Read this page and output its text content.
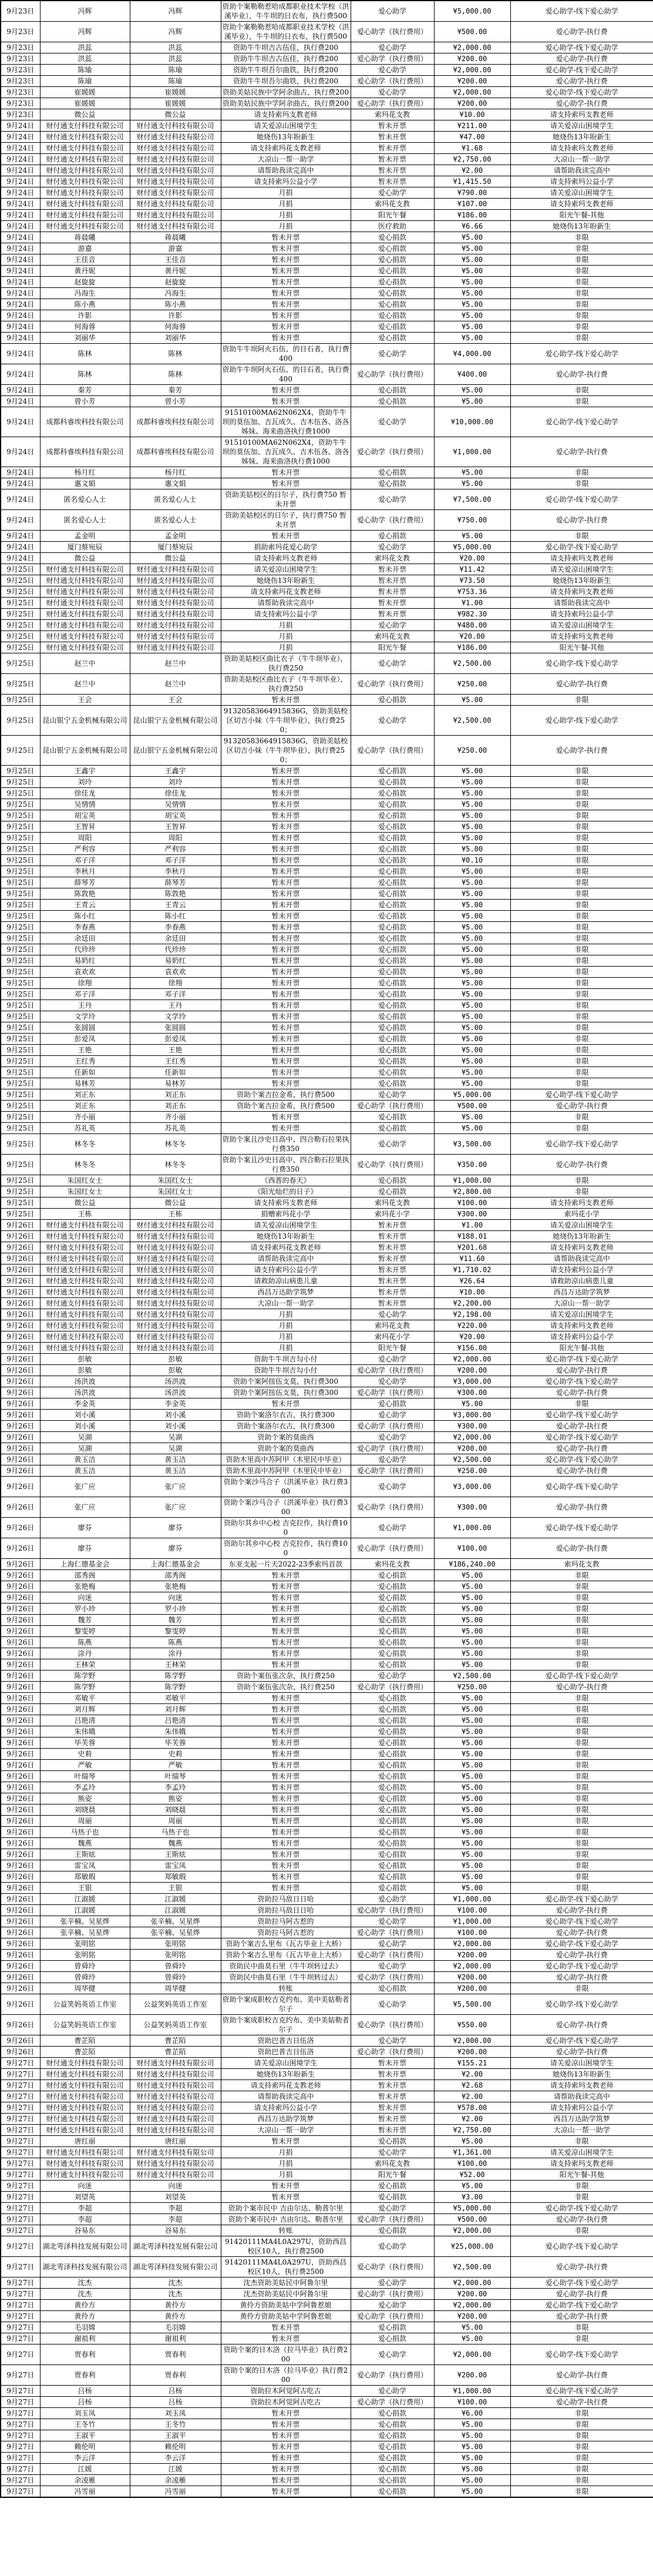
9月23日	冯辉	冯辉	资助个案勒勒惹哈成都职业技术学校（洪溪毕业），牛牛坝的日衣布，执行费500	爱心助学	¥5,000.00	爱心助学-线下爱心助学
9月23日	冯辉	冯辉	资助个案勒勒惹哈成都职业技术学校（洪溪毕业），牛牛坝的日衣布，执行费500	爱心助学（执行费用）	¥500.00	爱心助学-执行费
9月23日	洪蕊	洪蕊	资助牛牛坝吉古伍佳，执行费200	爱心助学	¥2,000.00	爱心助学-线下爱心助学
9月23日	洪蕊	洪蕊	资助牛牛坝吉古伍佳，执行费200	爱心助学（执行费用）	¥200.00	爱心助学-执行费
9月23日	陈瑜	陈瑜	资助牛牛坝吾尔曲铁，执行费200	爱心助学	¥2,000.00	爱心助学-线下爱心助学
9月23日	陈瑜	陈瑜	资助牛牛坝吾尔曲铁，执行费200	爱心助学（执行费用）	¥200.00	爱心助学-执行费
9月23日	崔媛媛	崔媛媛	资助美姑民族中学阿余曲古，执行费200	爱心助学	¥2,000.00	爱心助学-线下爱心助学
9月23日	崔媛媛	崔媛媛	资助美姑民族中学阿余曲古，执行费200	爱心助学（执行费用）	¥200.00	爱心助学-执行费
9月23日	微公益	微公益	请支持索玛支教老师	索玛花支教	¥10.00	请支持索玛支教老师
9月24日	财付通支付科技有限公司	财付通支付科技有限公司	请关爱凉山困境学生	暂未开票	¥211.00	请关爱凉山困境学生
9月24日	财付通支付科技有限公司	财付通支付科技有限公司	她烧伤13年盼新生	暂未开票	¥47.00	她烧伤13年盼新生
9月24日	财付通支付科技有限公司	财付通支付科技有限公司	请支持索玛花支教老师	暂未开票	¥1.68	请支持索玛支教老师
9月24日	财付通支付科技有限公司	财付通支付科技有限公司	大凉山一帮一助学	暂未开票	¥2,750.00	大凉山一帮一助学
9月24日	财付通支付科技有限公司	财付通支付科技有限公司	请帮助我读完高中	暂未开票	¥2.00	请帮助我读完高中
9月24日	财付通支付科技有限公司	财付通支付科技有限公司	请支持索玛公益小学	暂未开票	¥1,415.50	请支持索玛公益小学
9月24日	财付通支付科技有限公司	财付通支付科技有限公司	月捐	爱心助学	¥790.00	请关爱凉山困境学生
9月24日	财付通支付科技有限公司	财付通支付科技有限公司	月捐	索玛花支教	¥107.00	请支持索玛支教老师
9月24日	财付通支付科技有限公司	财付通支付科技有限公司	月捐	阳光午餐	¥186.00	阳光午餐-其他
9月24日	财付通支付科技有限公司	财付通支付科技有限公司	月捐	医疗救助	¥6.66	她烧伤13年盼新生
9月24日	蒋晨曦	蒋晨曦	暂未开票	爱心捐款	¥5.00	非限
9月24日	游嘉	游嘉	暂未开票	爱心捐款	¥5.00	非限
9月24日	王佳音	王佳音	暂未开票	爱心捐款	¥5.00	非限
9月24日	黄丹妮	黄丹妮	暂未开票	爱心捐款	¥5.00	非限
9月24日	赵旋旋	赵旋旋	暂未开票	爱心捐款	¥5.00	非限
9月24日	冯海生	冯海生	暂未开票	爱心捐款	¥5.00	非限
9月24日	陈小燕	陈小燕	暂未开票	爱心捐款	¥5.00	非限
9月24日	许影	许影	暂未开票	爱心捐款	¥5.00	非限
9月24日	何海蓉	何海蓉	暂未开票	爱心捐款	¥5.00	非限
9月24日	刘丽华	刘丽华	暂未开票	爱心捐款	¥5.00	非限
9月24日	陈林	陈林	资助牛牛坝阿火石伍、的日石者，执行费400	爱心助学	¥4,000.00	爱心助学-线下爱心助学
9月24日	陈林	陈林	资助牛牛坝阿火石伍、的日石者，执行费400	爱心助学（执行费用）	¥400.00	爱心助学-执行费
9月24日	秦芳	秦芳	暂未开票	爱心捐款	¥5.00	非限
9月24日	曾小芳	曾小芳	暂未开票	爱心捐款	¥5.00	非限
9月24日	成都科睿埃科技有限公司	成都科睿埃科技有限公司	91510100MA62N062X4，资助牛牛坝的莫伍加、吉瓦成久、吉木伍各、洛各姊妹、海来曲洛执行费1000	爱心助学	¥10,000.00	爱心助学-线下爱心助学
9月24日	成都科睿埃科技有限公司	成都科睿埃科技有限公司	91510100MA62N062X4，资助牛牛坝的莫伍加、吉瓦成久、吉木伍各、洛各姊妹、海来曲洛执行费1000	爱心助学（执行费用）	¥1,000.00	爱心助学-执行费
9月24日	杨月红	杨月红	暂未开票	爱心捐款	¥5.00	非限
9月24日	惠文娟	惠文娟	暂未开票	爱心捐款	¥5.00	非限
9月24日	匿名爱心人士	匿名爱心人士	资助美姑校区的日尔子，执行费750 暂未开票	爱心助学	¥7,500.00	爱心助学-线下爱心助学
9月24日	匿名爱心人士	匿名爱心人士	资助美姑校区的日尔子，执行费750 暂未开票	爱心助学（执行费用）	¥750.00	爱心助学-执行费
9月24日	孟金明	孟金明	暂未开票	爱心捐款	¥5.00	非限
9月24日	厦门蔡宛辰	厦门蔡宛辰	捐助索玛花爱心助学	爱心助学	¥5,000.00	爱心助学-线下爱心助学
9月24日	微公益	微公益	请支持索玛支教老师	索玛花支教	¥20.00	请支持索玛支教老师
9月25日	财付通支付科技有限公司	财付通支付科技有限公司	请关爱凉山困境学生	暂未开票	¥11.42	请关爱凉山困境学生
9月25日	财付通支付科技有限公司	财付通支付科技有限公司	她烧伤13年盼新生	暂未开票	¥73.50	她烧伤13年盼新生
9月25日	财付通支付科技有限公司	财付通支付科技有限公司	请支持索玛花支教老师	暂未开票	¥753.36	请支持索玛支教老师
9月25日	财付通支付科技有限公司	财付通支付科技有限公司	请帮助我读完高中	暂未开票	¥1.00	请帮助我读完高中
9月25日	财付通支付科技有限公司	财付通支付科技有限公司	请支持索玛公益小学	暂未开票	¥982.30	请支持索玛公益小学
9月25日	财付通支付科技有限公司	财付通支付科技有限公司	月捐	爱心助学	¥480.00	请关爱凉山困境学生
9月25日	财付通支付科技有限公司	财付通支付科技有限公司	月捐	索玛花支教	¥20.00	请支持索玛支教老师
9月25日	财付通支付科技有限公司	财付通支付科技有限公司	月捐	阳光午餐	¥186.00	阳光午餐-其他
9月25日	赵兰中	赵兰中	资助美姑校区曲比衣子（牛牛坝毕业），执行费250	爱心助学	¥2,500.00	爱心助学-线下爱心助学
9月25日	赵兰中	赵兰中	资助美姑校区曲比衣子（牛牛坝毕业），执行费250	爱心助学（执行费用）	¥250.00	爱心助学-执行费
9月25日	王会	王会	暂未开票	爱心捐款	¥5.00	非限
9月25日	昆山银宁五金机械有限公司	昆山银宁五金机械有限公司	91320583664915836G，资助美姑校区切吉小妹（牛牛坝毕业），执行费250；	爱心助学	¥2,500.00	爱心助学-线下爱心助学
9月25日	昆山银宁五金机械有限公司	昆山银宁五金机械有限公司	91320583664915836G，资助美姑校区切吉小妹（牛牛坝毕业），执行费250；	爱心助学（执行费用）	¥250.00	爱心助学-执行费
9月25日	王鑫宇	王鑫宇	暂未开票	爱心捐款	¥5.00	非限
9月25日	刘玲	刘玲	暂未开票	爱心捐款	¥5.00	非限
9月25日	徐佳龙	徐佳龙	暂未开票	爱心捐款	¥5.00	非限
9月25日	吴情情	吴情情	暂未开票	爱心捐款	¥5.00	非限
9月25日	胡宝英	胡宝英	暂未开票	爱心捐款	¥5.00	非限
9月25日	王智昇	王智昇	暂未开票	爱心捐款	¥5.00	非限
9月25日	周阳	周阳	暂未开票	爱心捐款	¥5.00	非限
9月25日	严利容	严利容	暂未开票	爱心捐款	¥5.00	非限
9月25日	邓子洋	邓子洋	暂未开票	爱心捐款	¥0.10	非限
9月25日	李秋月	李秋月	暂未开票	爱心捐款	¥5.00	非限
9月25日	薛琴芳	薛琴芳	暂未开票	爱心捐款	¥5.00	非限
9月25日	陈敦艳	陈敦艳	暂未开票	爱心捐款	¥5.00	非限
9月25日	王青云	王青云	暂未开票	爱心捐款	¥5.00	非限
9月25日	陈小红	陈小红	暂未开票	爱心捐款	¥5.00	非限
9月25日	李春燕	李春燕	暂未开票	爱心捐款	¥5.00	非限
9月25日	余廷田	余廷田	暂未开票	爱心捐款	¥5.00	非限
9月25日	代珍珍	代珍珍	暂未开票	爱心捐款	¥5.00	非限
9月25日	易奶红	易奶红	暂未开票	爱心捐款	¥5.00	非限
9月25日	袁欢欢	袁欢欢	暂未开票	爱心捐款	¥5.00	非限
9月25日	徐翔	徐翔	暂未开票	爱心捐款	¥5.00	非限
9月25日	邓子洋	邓子洋	暂未开票	爱心捐款	¥5.00	非限
9月25日	王丹	王丹	暂未开票	爱心捐款	¥5.00	非限
9月25日	文学玲	文学玲	暂未开票	爱心捐款	¥5.00	非限
9月25日	张圆圆	张圆圆	暂未开票	爱心捐款	¥5.00	非限
9月25日	彭爱凤	彭爱凤	暂未开票	爱心捐款	¥5.00	非限
9月25日	王艳	王艳	暂未开票	爱心捐款	¥5.00	非限
9月25日	王红秀	王红秀	暂未开票	爱心捐款	¥5.00	非限
9月25日	任新如	任新如	暂未开票	爱心捐款	¥5.00	非限
9月25日	易林芳	易林芳	暂未开票	爱心捐款	¥5.00	非限
9月25日	刘正东	刘正东	资助个案吉拉金希，执行费500	爱心助学	¥5,000.00	爱心助学-线下爱心助学
9月25日	刘正东	刘正东	资助个案吉拉金希，执行费500	爱心助学（执行费用）	¥500.00	爱心助学-执行费
9月25日	齐小丽	齐小丽	暂未开票	爱心捐款	¥5.00	非限
9月25日	苏礼英	苏礼英	暂未开票	爱心捐款	¥5.00	非限
9月25日	林冬冬	林冬冬	资助个案且沙史日高中、四合勒石拉果执行费350	爱心助学	¥3,500.00	爱心助学-线下爱心助学
9月25日	林冬冬	林冬冬	资助个案且沙史日高中、四合勒石拉果执行费350	爱心助学（执行费用）	¥350.00	爱心助学-执行费
9月25日	朱国红女士	朱国红女士	《西普的春天》	爱心捐款	¥1,000.00	非限
9月25日	朱国红女士	朱国红女士	《阳光灿烂的日子》	爱心捐款	¥2,800.00	非限
9月25日	微公益	微公益	请支持索玛支教老师	索玛花支教	¥100.00	请支持索玛支教老师
9月25日	王栋	王栋	捐赠索玛花小学	索玛花小学	¥300.00	索玛花小学
9月26日	财付通支付科技有限公司	财付通支付科技有限公司	请关爱凉山困境学生	暂未开票	¥1.00	请关爱凉山困境学生
9月26日	财付通支付科技有限公司	财付通支付科技有限公司	她烧伤13年盼新生	暂未开票	¥188.01	她烧伤13年盼新生
9月26日	财付通支付科技有限公司	财付通支付科技有限公司	请支持索玛花支教老师	暂未开票	¥201.68	请支持索玛支教老师
9月26日	财付通支付科技有限公司	财付通支付科技有限公司	请帮助我读完高中	暂未开票	¥11.60	请帮助我读完高中
9月26日	财付通支付科技有限公司	财付通支付科技有限公司	请支持索玛公益小学	暂未开票	¥1,710.02	请支持索玛公益小学
9月26日	财付通支付科技有限公司	财付通支付科技有限公司	请救助凉山病患儿童	暂未开票	¥26.64	请救助凉山病患儿童
9月26日	财付通支付科技有限公司	财付通支付科技有限公司	西昌万达助学筑梦	暂未开票	¥10.00	西昌万达助学筑梦
9月26日	财付通支付科技有限公司	财付通支付科技有限公司	大凉山一帮一助学	暂未开票	¥2,200.00	大凉山一帮一助学
9月26日	财付通支付科技有限公司	财付通支付科技有限公司	月捐	爱心助学	¥2,198.00	请关爱凉山困境学生
9月26日	财付通支付科技有限公司	财付通支付科技有限公司	月捐	索玛花支教	¥220.00	请支持索玛支教老师
9月26日	财付通支付科技有限公司	财付通支付科技有限公司	月捐	索玛花小学	¥20.00	请支持索玛公益小学
9月26日	财付通支付科技有限公司	财付通支付科技有限公司	月捐	阳光午餐	¥156.00	阳光午餐-其他
9月26日	彭敏	彭敏	资助牛牛坝吉勾小付	爱心助学	¥2,000.00	爱心助学-线下爱心助学
9月26日	彭敏	彭敏	资助牛牛坝吉勾小付	爱心助学（执行费用）	¥200.00	爱心助学-执行费
9月26日	汤洪波	汤洪波	资助个案阿扭伍支莫，执行费300	爱心助学	¥3,000.00	爱心助学-线下爱心助学
9月26日	汤洪波	汤洪波	资助个案阿扭伍支莫，执行费300	爱心助学（执行费用）	¥300.00	爱心助学-执行费
9月26日	李金英	李金英	暂未开票	爱心捐款	¥5.00	非限
9月26日	刘小溪	刘小溪	资助个案洛尔衣古，执行费300	爱心助学	¥3,000.00	爱心助学-线下爱心助学
9月26日	刘小溪	刘小溪	资助个案洛尔衣古，执行费300	爱心助学（执行费用）	¥300.00	爱心助学-执行费
9月26日	吴湖	吴湖	资助个案的莫曲西	爱心助学	¥2,000.00	爱心助学-线下爱心助学
9月26日	吴湖	吴湖	资助个案的莫曲西	爱心助学（执行费用）	¥200.00	爱心助学-执行费
9月26日	黄玉洁	黄玉洁	资助木里高中苏阿甲（木里民中毕业）	爱心助学	¥2,500.00	爱心助学-线下爱心助学
9月26日	黄玉洁	黄玉洁	资助木里高中苏阿甲（木里民中毕业）	爱心助学（执行费用）	¥250.00	爱心助学-执行费
9月26日	张广应	张广应	资助个案沙马合子（洪溪毕业）执行费300	爱心助学	¥3,000.00	爱心助学-线下爱心助学
9月26日	张广应	张广应	资助个案沙马合子（洪溪毕业）执行费300	爱心助学（执行费用）	¥300.00	爱心助学-执行费
9月26日	廖芬	廖芬	资助尔其乡中心校 吉克拉作，执行费100	爱心助学	¥1,000.00	爱心助学-线下爱心助学
9月26日	廖芬	廖芬	资助尔其乡中心校 吉克拉作，执行费100	爱心助学（执行费用）	¥100.00	爱心助学-执行费
9月26日	上海仁德基金会	上海仁德基金会	东亚支起一片天2022-23季索玛首款	索玛花支教	¥186,240.00	索玛花支教
9月26日	邵秀阁	邵秀阁	暂未开票	爱心捐款	¥5.00	非限
9月26日	张艳梅	张艳梅	暂未开票	爱心捐款	¥5.00	非限
9月26日	向迷	向迷	暂未开票	爱心捐款	¥5.00	非限
9月26日	罗小珍	罗小珍	暂未开票	爱心捐款	¥5.00	非限
9月26日	魏芳	魏芳	暂未开票	爱心捐款	¥5.00	非限
9月26日	黎雯婷	黎雯婷	暂未开票	爱心捐款	¥5.00	非限
9月26日	陈燕	陈燕	暂未开票	爱心捐款	¥5.00	非限
9月26日	涂丹	涂丹	暂未开票	爱心捐款	¥5.00	非限
9月26日	王林荣	王林荣	暂未开票	爱心捐款	¥5.00	非限
9月26日	陈学野	陈学野	资助个案伍张次杂，执行费250	爱心助学	¥2,500.00	爱心助学-线下爱心助学
9月26日	陈学野	陈学野	资助个案伍张次杂，执行费250	爱心助学（执行费用）	¥250.00	爱心助学-执行费
9月26日	邓敏平	邓敏平	暂未开票	爱心捐款	¥5.00	非限
9月26日	刘月辉	刘月辉	暂未开票	爱心捐款	¥5.00	非限
9月26日	吕艳清	吕艳清	暂未开票	爱心捐款	¥5.00	非限
9月26日	朱伟娥	朱伟娥	暂未开票	爱心捐款	¥5.00	非限
9月26日	毕芙蓉	毕芙蓉	暂未开票	爱心捐款	¥5.00	非限
9月26日	史莉	史莉	暂未开票	爱心捐款	¥5.00	非限
9月26日	严敏	严敏	暂未开票	爱心捐款	¥5.00	非限
9月26日	叶瑞琴	叶瑞琴	暂未开票	爱心捐款	¥5.00	非限
9月26日	李孟玲	李孟玲	暂未开票	爱心捐款	¥5.00	非限
9月26日	熊姿	熊姿	暂未开票	爱心捐款	¥5.00	非限
9月26日	刘晓晨	刘晓晨	暂未开票	爱心捐款	¥5.00	非限
9月26日	周丽	周丽	暂未开票	爱心捐款	¥5.00	非限
9月26日	马热子也	马热子也	暂未开票	爱心捐款	¥5.00	非限
9月26日	魏燕	魏燕	暂未开票	爱心捐款	¥5.00	非限
9月26日	王斯炫	王斯炫	暂未开票	爱心捐款	¥5.00	非限
9月26日	雷宝凤	雷宝凤	暂未开票	爱心捐款	¥5.00	非限
9月26日	郑敏瑕	郑敏瑕	暂未开票	爱心捐款	¥5.00	非限
9月26日	王银	王银	暂未开票	爱心捐款	¥5.00	非限
9月26日	江淑媛	江淑媛	资助拉马敌日日哈	爱心助学	¥1,000.00	爱心助学-线下爱心助学
9月26日	江淑媛	江淑媛	资助拉马敌日日哈	爱心助学（执行费用）	¥100.00	爱心助学-执行费
9月26日	张辛楠、吴星烨	张辛楠、吴星烨	资助拉马阿古惹的	爱心助学	¥1,000.00	爱心助学-线下爱心助学
9月26日	张辛楠、吴星烨	张辛楠、吴星烨	资助拉马阿古惹的	爱心助学（执行费用）	¥100.00	爱心助学-执行费
9月26日	张明铭	张明铭	资助个案吉么里布（瓦古毕业上大桥）	爱心助学	¥2,000.00	爱心助学-线下爱心助学
9月26日	张明铭	张明铭	资助个案吉么里布（瓦古毕业上大桥）	爱心助学（执行费用）	¥200.00	爱心助学-执行费
9月26日	曾舜玲	曾舜玲	资助民中曲莫石里（牛牛坝转过去）	爱心助学	¥2,000.00	爱心助学-线下爱心助学
9月26日	曾舜玲	曾舜玲	资助民中曲莫石里（牛牛坝转过去）	爱心助学（执行费用）	¥200.00	爱心助学-执行费
9月26日	周华健	周华健	转账	爱心捐款	¥200.00	非限
9月26日	公益笑妈英语工作室	公益笑妈英语工作室	资助个案成职校吉克约布、美中美姑勒者尔子	爱心助学	¥5,500.00	爱心助学-线下爱心助学
9月26日	公益笑妈英语工作室	公益笑妈英语工作室	资助个案成职校吉克约布、美中美姑勒者尔子	爱心助学（执行费用）	¥550.00	爱心助学-执行费
9月26日	曹芷陌	曹芷陌	资助巴普吉日伍洛	爱心助学	¥2,000.00	爱心助学-线下爱心助学
9月26日	曹芷陌	曹芷陌	资助巴普吉日伍洛	爱心助学（执行费用）	¥200.00	爱心助学-执行费
9月27日	财付通支付科技有限公司	财付通支付科技有限公司	请关爱凉山困境学生	暂未开票	¥155.21	请关爱凉山困境学生
9月27日	财付通支付科技有限公司	财付通支付科技有限公司	她烧伤13年盼新生	暂未开票	¥2.00	她烧伤13年盼新生
9月27日	财付通支付科技有限公司	财付通支付科技有限公司	请支持索玛花支教老师	暂未开票	¥2.68	请支持索玛支教老师
9月27日	财付通支付科技有限公司	财付通支付科技有限公司	请帮助我读完高中	暂未开票	¥2.00	请帮助我读完高中
9月27日	财付通支付科技有限公司	财付通支付科技有限公司	请支持索玛公益小学	暂未开票	¥578.00	请支持索玛公益小学
9月27日	财付通支付科技有限公司	财付通支付科技有限公司	西昌万达助学筑梦	暂未开票	¥2.00	西昌万达助学筑梦
9月27日	财付通支付科技有限公司	财付通支付科技有限公司	大凉山一帮一助学	暂未开票	¥2,750.00	大凉山一帮一助学
9月27日	唐红丽	唐红丽	暂未开票	爱心捐款	¥5.00	非限
9月27日	财付通支付科技有限公司	财付通支付科技有限公司	月捐	爱心助学	¥1,361.00	请关爱凉山困境学生
9月27日	财付通支付科技有限公司	财付通支付科技有限公司	月捐	索玛花支教	¥100.00	请支持索玛支教老师
9月27日	财付通支付科技有限公司	财付通支付科技有限公司	月捐	阳光午餐	¥52.00	阳光午餐-其他
9月27日	向迷	向迷	暂未开票	爱心捐款	¥5.00	非限
9月27日	刘望英	刘望英	暂未开票	爱心捐款	¥3.00	非限
9月27日	李超	李超	资助个案市民中 吉由尔达、勒普尔里	爱心助学	¥5,000.00	爱心助学-线下爱心助学
9月27日	李超	李超	资助个案市民中 吉由尔达、勒普尔里	爱心助学（执行费用）	¥500.00	爱心助学-执行费
9月27日	谷易东	谷易东	转账	爱心捐款	¥2,000.00	非限
9月27日	湖北雩泽科技发展有限公司	湖北雩泽科技发展有限公司	91420111MA4L0A297U，资助西昌校区10人，执行费2500	爱心助学	¥25,000.00	爱心助学-线下爱心助学
9月27日	湖北雩泽科技发展有限公司	湖北雩泽科技发展有限公司	91420111MA4L0A297U，资助西昌校区10人，执行费2500	爱心助学（执行费用）	¥2,500.00	爱心助学-执行费
9月27日	沈杰	沈杰	沈杰资助美姑民中阿鲁尔里	爱心助学	¥2,000.00	爱心助学-线下爱心助学
9月27日	沈杰	沈杰	沈杰资助美姑民中阿鲁尔里	爱心助学（执行费用）	¥200.00	爱心助学-执行费
9月27日	黄伶方	黄伶方	黄伶方资助美姑中学阿鲁惹娘	爱心助学	¥2,000.00	爱心助学-线下爱心助学
9月27日	黄伶方	黄伶方	黄伶方资助美姑中学阿鲁惹娘	爱心助学（执行费用）	¥200.00	爱心助学-执行费
9月27日	毛羽嫦	毛羽嫦	暂未开票	爱心捐款	¥5.00	非限
9月27日	谢祖利	谢祖利	暂未开票	爱心捐款	¥5.00	非限
9月27日	贾春利	贾春利	资助个案的日木洛（拉马毕业）执行费200	爱心助学	¥2,000.00	爱心助学-线下爱心助学
9月27日	贾春利	贾春利	资助个案的日木洛（拉马毕业）执行费200	爱心助学（执行费用）	¥200.00	爱心助学-执行费
9月27日	吕杨	吕杨	资助拉木阿觉阿古吃古	爱心助学	¥1,000.00	爱心助学-线下爱心助学
9月27日	吕杨	吕杨	资助拉木阿觉阿古吃古	爱心助学（执行费用）	¥100.00	爱心助学-执行费
9月27日	刘玉凤	刘玉凤	暂未开票	爱心捐款	¥6.00	非限
9月27日	王冬竹	王冬竹	暂未开票	爱心捐款	¥5.00	非限
9月27日	王淑平	王淑平	暂未开票	爱心捐款	¥5.00	非限
9月27日	赖伦明	赖伦明	暂未开票	爱心捐款	¥5.00	非限
9月27日	李云洋	李云洋	暂未开票	爱心捐款	¥5.00	非限
9月27日	江媛	江媛	暂未开票	爱心捐款	¥5.00	非限
9月27日	余凌雁	余凌雁	暂未开票	爱心捐款	¥5.00	非限
9月27日	冯雪丽	冯雪丽	暂未开票	爱心捐款	¥5.00	非限
